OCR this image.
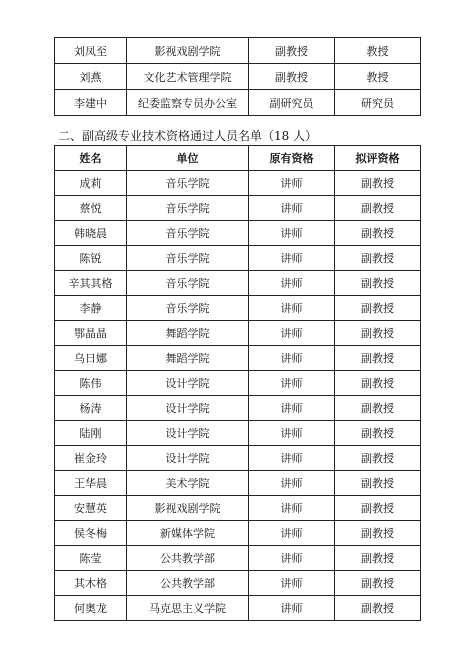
刘凤至	影视戏剧学院	副教授	教授
刘燕	文化艺术管理学院	副教授	教授
李建中	纪委监察专员办公室	副研究员	研究员
二、副高级专业技术资格通过人员名单（18 人）
姓名	单位	原有资格	拟评资格
成莉	音乐学院	讲师	副教授
蔡悦	音乐学院	讲师	副教授
韩晓晨	音乐学院	讲师	副教授
陈锐	音乐学院	讲师	副教授
辛其其格	音乐学院	讲师	副教授
李静	音乐学院	讲师	副教授
鄂晶晶	舞蹈学院	讲师	副教授
乌日娜	舞蹈学院	讲师	副教授
陈伟	设计学院	讲师	副教授
杨涛	设计学院	讲师	副教授
陆刚	设计学院	讲师	副教授
崔金玲	设计学院	讲师	副教授
王华晨	美术学院	讲师	副教授
安慧英	影视戏剧学院	讲师	副教授
侯冬梅	新媒体学院	讲师	副教授
陈莹	公共教学部	讲师	副教授
其木格	公共教学部	讲师	副教授
何奥龙	马克思主义学院	讲师	副教授
